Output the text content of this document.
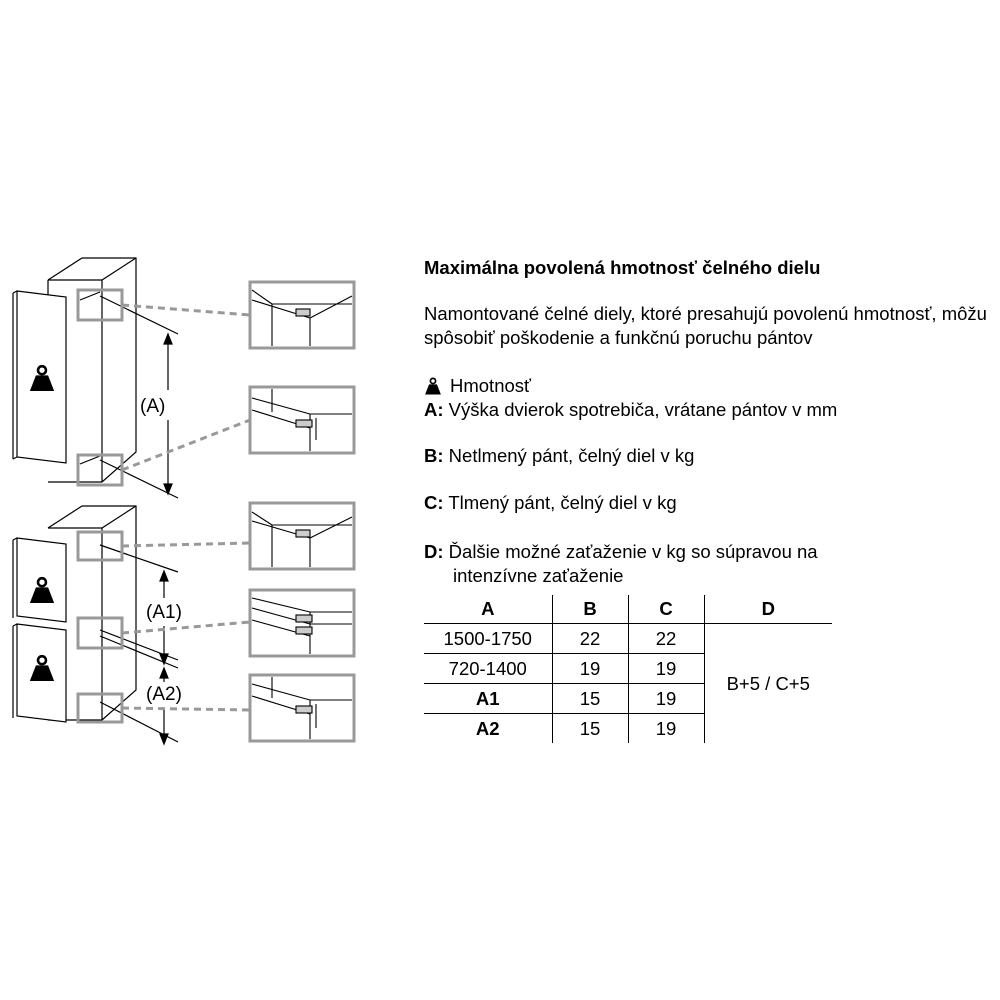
(A)
(A1)
(A2)
Maximálna povolená hmotnosť čelného dielu
Namontované čelné diely, ktoré presahujú povolenú hmotnosť, môžu spôsobiť poškodenie a funkčnú poruchu pántov
Hmotnosť
A: Výška dvierok spotrebiča, vrátane pántov v mm
B: Netlmený pánt, čelný diel v kg
C: Tlmený pánt, čelný diel v kg
D: Ďalšie možné zaťaženie v kg so súpravou na
intenzívne zaťaženie
A	B	C	D
1500-1750	22	22	B+5 / C+5
720-1400	19	19	
A1	15	19	
A2	15	19	
